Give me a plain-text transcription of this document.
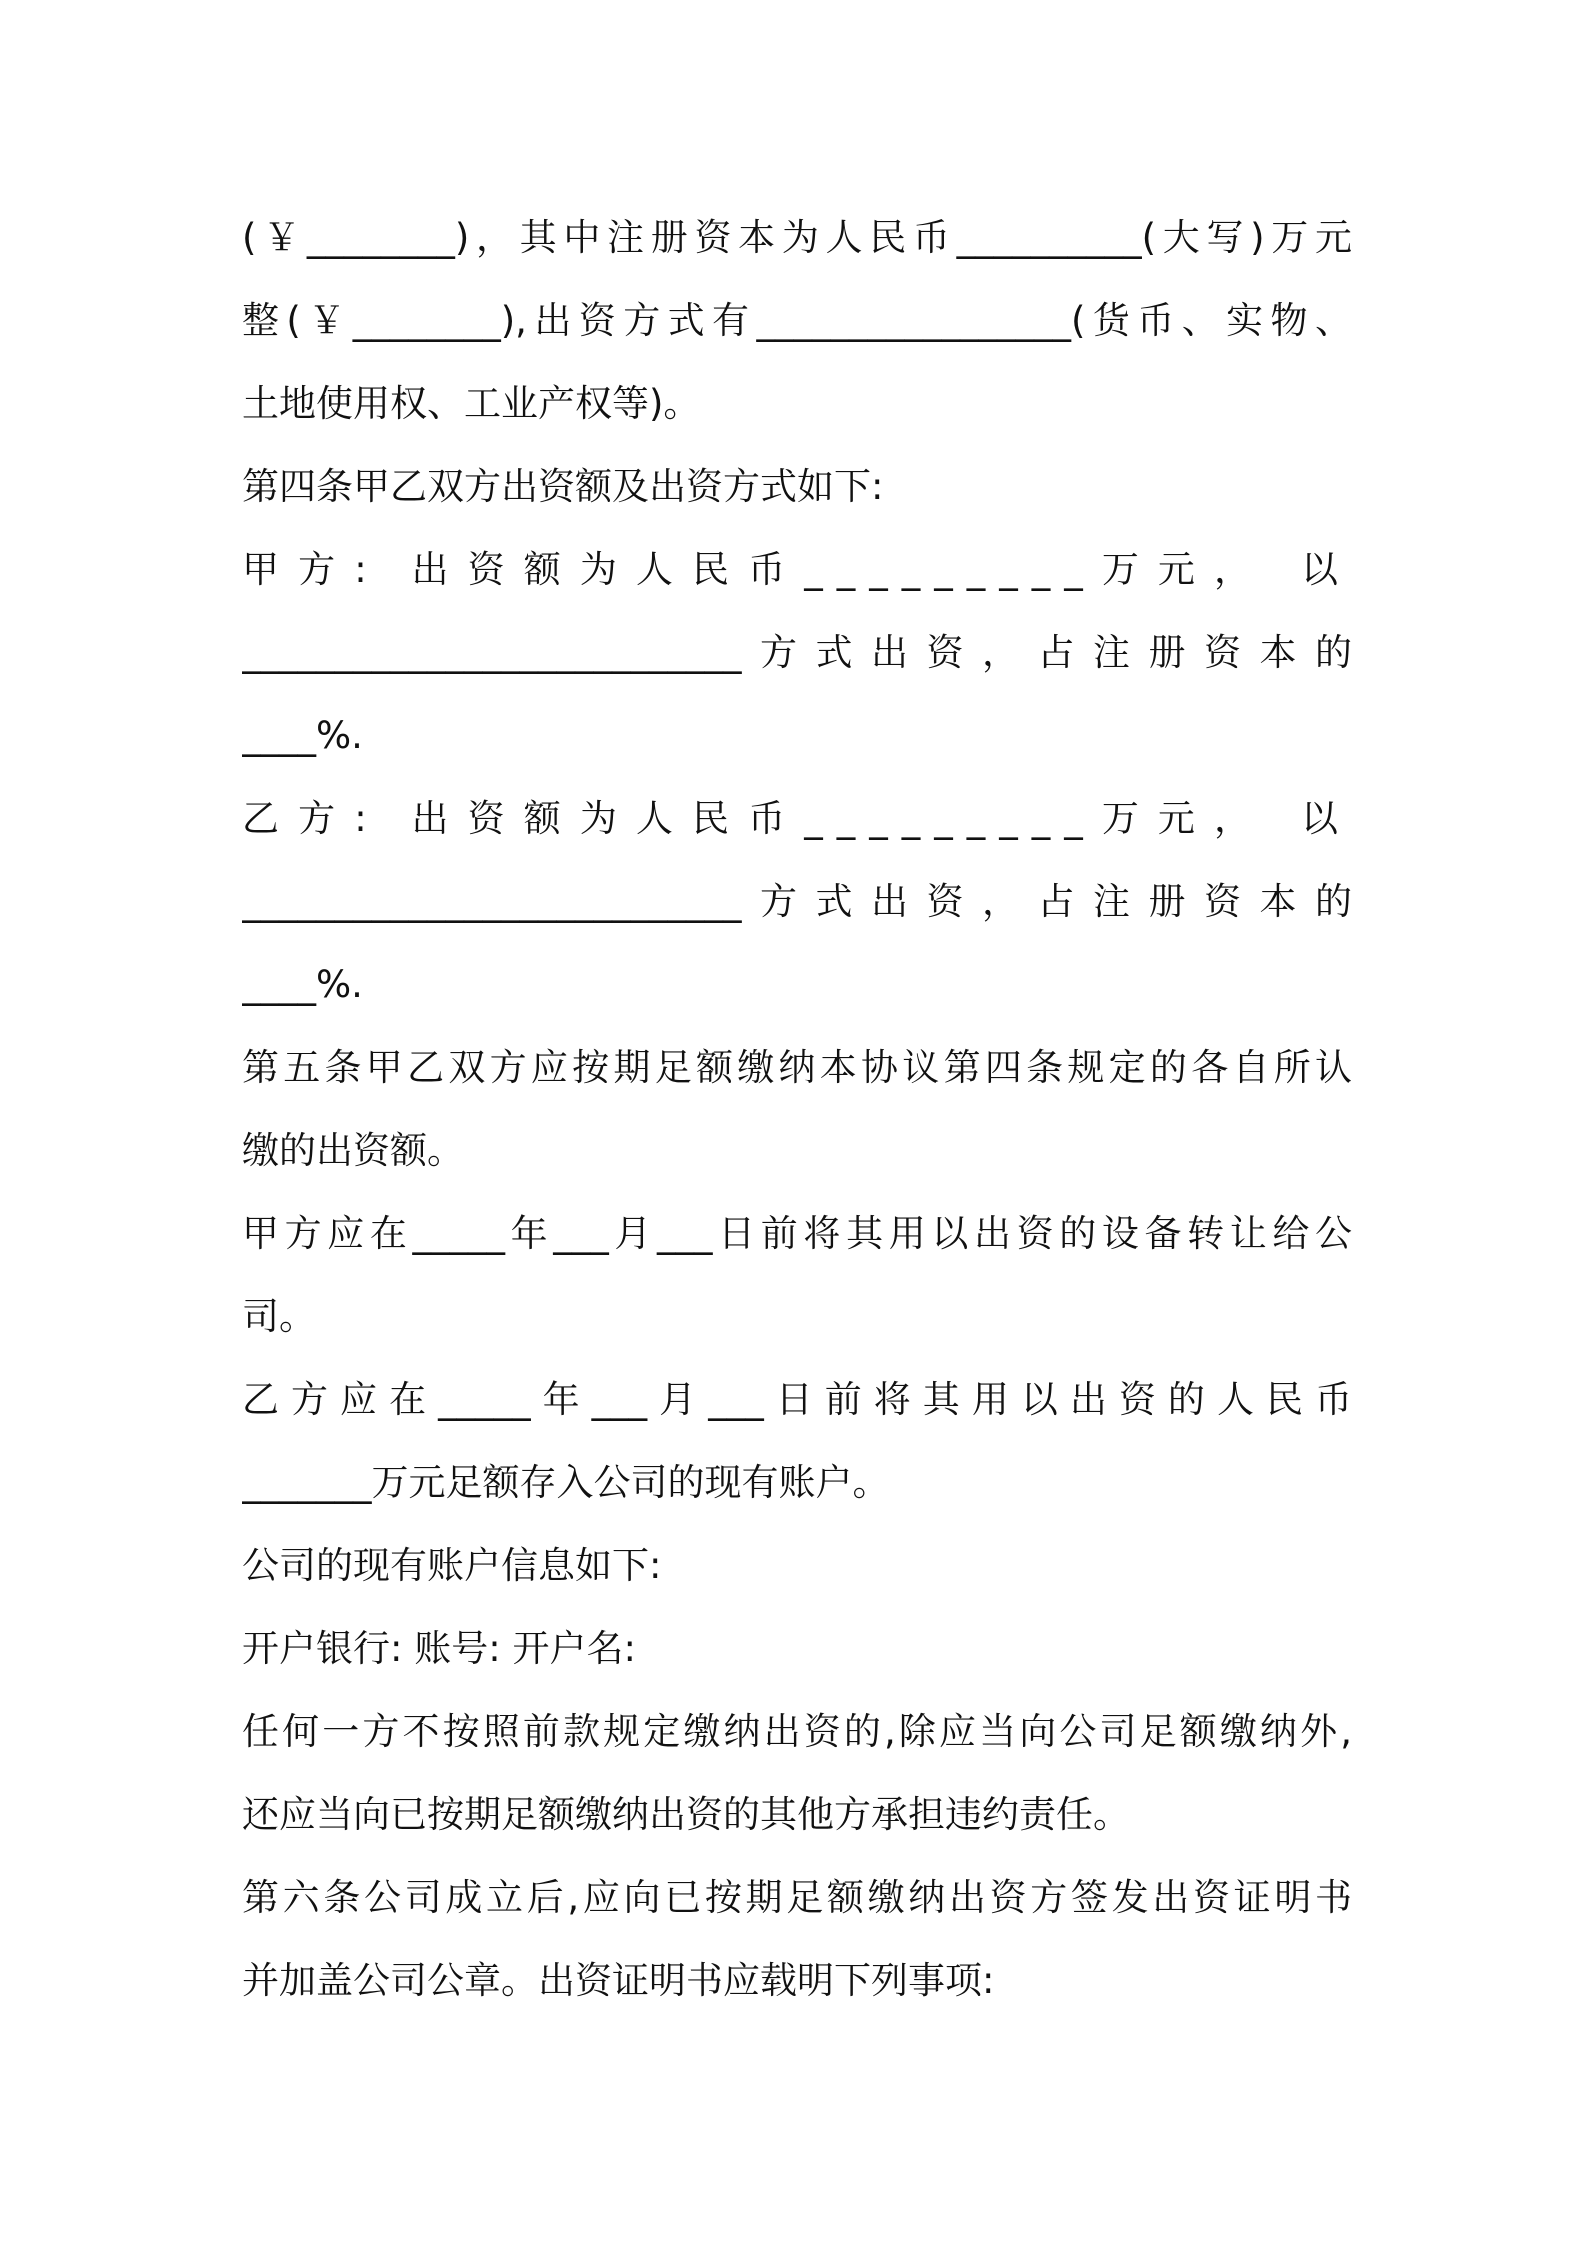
(￥________)，其中注册资本为人民币__________(大写)万元
整(￥________),出资方式有_________________(货币、实物、
土地使用权、工业产权等)。
第四条甲乙双方出资额及出资方式如下:
甲方: 出资额为人民币_________万元， 以
___________________________方式出资，占注册资本的
____%.
乙方: 出资额为人民币_________万元， 以
___________________________方式出资，占注册资本的
____%.
第五条甲乙双方应按期足额缴纳本协议第四条规定的各自所认
缴的出资额。
甲方应在_____年___月___日前将其用以出资的设备转让给公
司。
乙方应在_____年___月___日前将其用以出资的人民币
_______万元足额存入公司的现有账户。
公司的现有账户信息如下:
开户银行: 账号: 开户名:
任何一方不按照前款规定缴纳出资的,除应当向公司足额缴纳外,
还应当向已按期足额缴纳出资的其他方承担违约责任。
第六条公司成立后,应向已按期足额缴纳出资方签发出资证明书
并加盖公司公章。出资证明书应载明下列事项:
